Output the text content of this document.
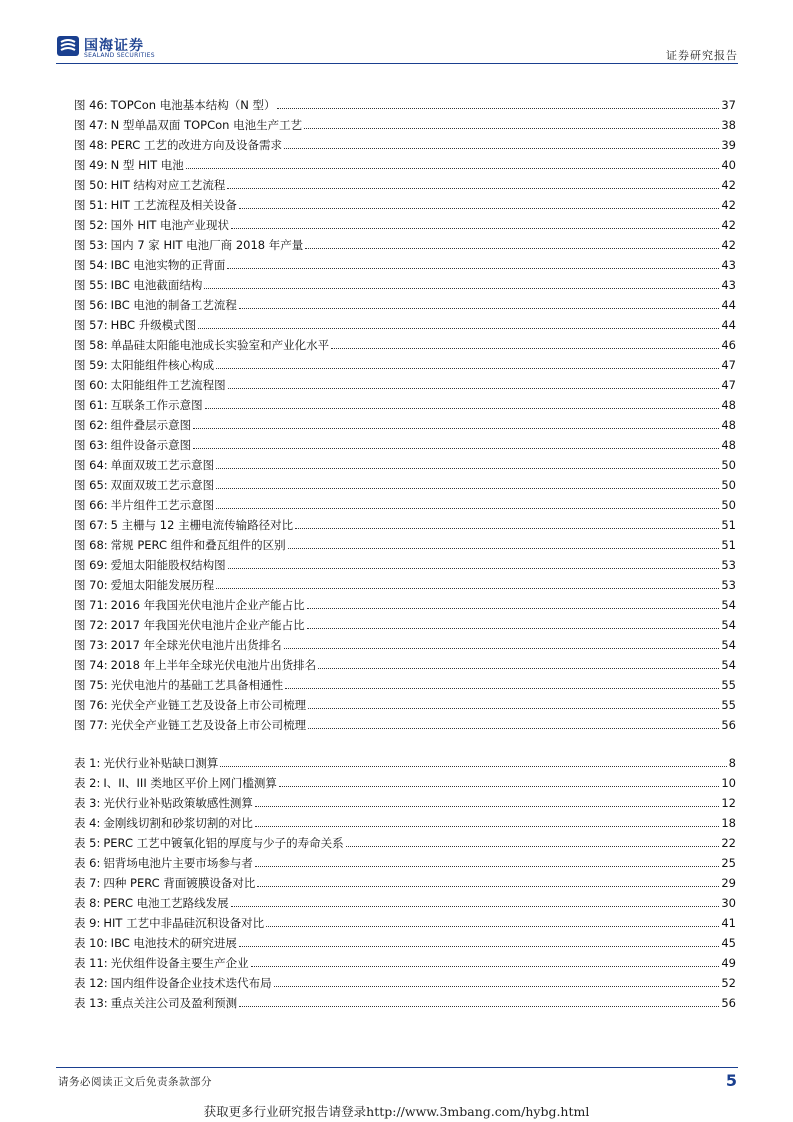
国海证券
SEALAND SECURITIES	证券研究报告
图 46: TOPCon 电池基本结构（N 型）	37
图 47: N 型单晶双面 TOPCon 电池生产工艺	38
图 48: PERC 工艺的改进方向及设备需求	39
图 49: N 型 HIT 电池	40
图 50: HIT 结构对应工艺流程	42
图 51: HIT 工艺流程及相关设备	42
图 52: 国外 HIT 电池产业现状	42
图 53: 国内 7 家 HIT 电池厂商 2018 年产量	42
图 54: IBC 电池实物的正背面	43
图 55: IBC 电池截面结构	43
图 56: IBC 电池的制备工艺流程	44
图 57: HBC 升级模式图	44
图 58: 单晶硅太阳能电池成长实验室和产业化水平	46
图 59: 太阳能组件核心构成	47
图 60: 太阳能组件工艺流程图	47
图 61: 互联条工作示意图	48
图 62: 组件叠层示意图	48
图 63: 组件设备示意图	48
图 64: 单面双玻工艺示意图	50
图 65: 双面双玻工艺示意图	50
图 66: 半片组件工艺示意图	50
图 67: 5 主栅与 12 主栅电流传输路径对比	51
图 68: 常规 PERC 组件和叠瓦组件的区别	51
图 69: 爱旭太阳能股权结构图	53
图 70: 爱旭太阳能发展历程	53
图 71: 2016 年我国光伏电池片企业产能占比	54
图 72: 2017 年我国光伏电池片企业产能占比	54
图 73: 2017 年全球光伏电池片出货排名	54
图 74: 2018 年上半年全球光伏电池片出货排名	54
图 75: 光伏电池片的基础工艺具备相通性	55
图 76: 光伏全产业链工艺及设备上市公司梳理	55
图 77: 光伏全产业链工艺及设备上市公司梳理	56
表 1: 光伏行业补贴缺口测算	8
表 2: I、II、III 类地区平价上网门槛测算	10
表 3: 光伏行业补贴政策敏感性测算	12
表 4: 金刚线切割和砂浆切割的对比	18
表 5: PERC 工艺中镀氧化铝的厚度与少子的寿命关系	22
表 6: 铝背场电池片主要市场参与者	25
表 7: 四种 PERC 背面镀膜设备对比	29
表 8: PERC 电池工艺路线发展	30
表 9: HIT 工艺中非晶硅沉积设备对比	41
表 10: IBC 电池技术的研究进展	45
表 11: 光伏组件设备主要生产企业	49
表 12: 国内组件设备企业技术迭代布局	52
表 13: 重点关注公司及盈利预测	56
请务必阅读正文后免责条款部分	5
获取更多行业研究报告请登录http://www.3mbang.com/hybg.html
